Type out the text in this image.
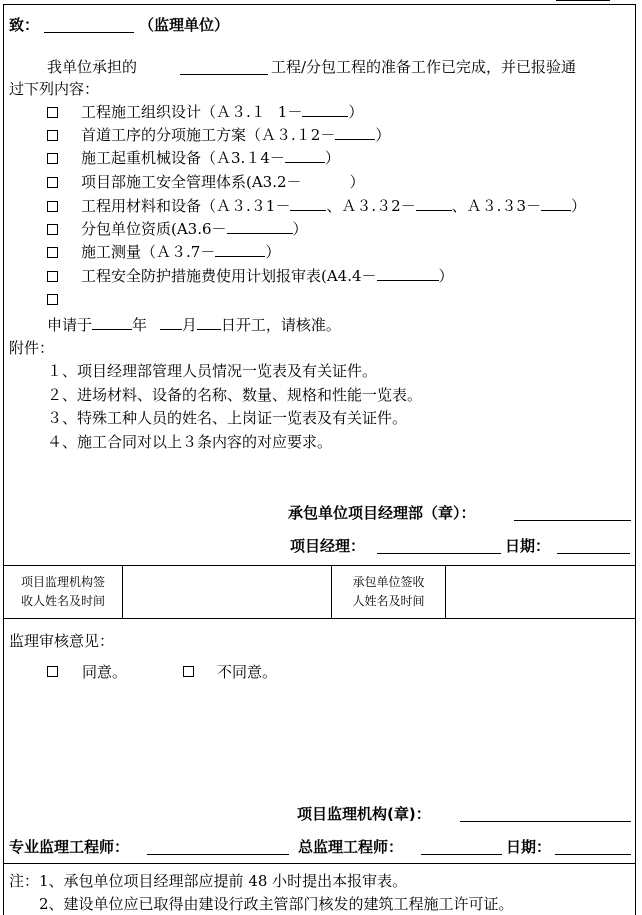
致：	（监理单位）
我单位承担的	工程/分包工程的准备工作已完成，并已报验通
过下列内容：
工程施工组织设计（Ａ３.１ 1－	）
首道工序的分项施工方案（Ａ３.１2－	）
施工起重机械设备（Ａ3.１4－	）
项目部施工安全管理体系(A3.2－	）
工程用材料和设备（Ａ３.３1－ 、Ａ３.３2－ 、Ａ３.３3－ ）
分包单位资质(A3.6－	）
施工测量（Ａ３.7－	）
工程安全防护措施费使用计划报审表(A4.4－	）
申请于	年 月 日开工，请核准。
附件：
１、项目经理部管理人员情况一览表及有关证件。
２、进场材料、设备的名称、数量、规格和性能一览表。
３、特殊工种人员的姓名、上岗证一览表及有关证件。
４、施工合同对以上３条内容的对应要求。
承包单位项目经理部（章）：
项目经理：	日期：
项目监理机构签
收人姓名及时间
承包单位签收
人姓名及时间
监理审核意见：
同意。	不同意。
项目监理机构(章)：
专业监理工程师：	总监理工程师：	日期：
注：1、承包单位项目经理部应提前 48 小时提出本报审表。
　　2、建设单位应已取得由建设行政主管部门核发的建筑工程施工许可证。
